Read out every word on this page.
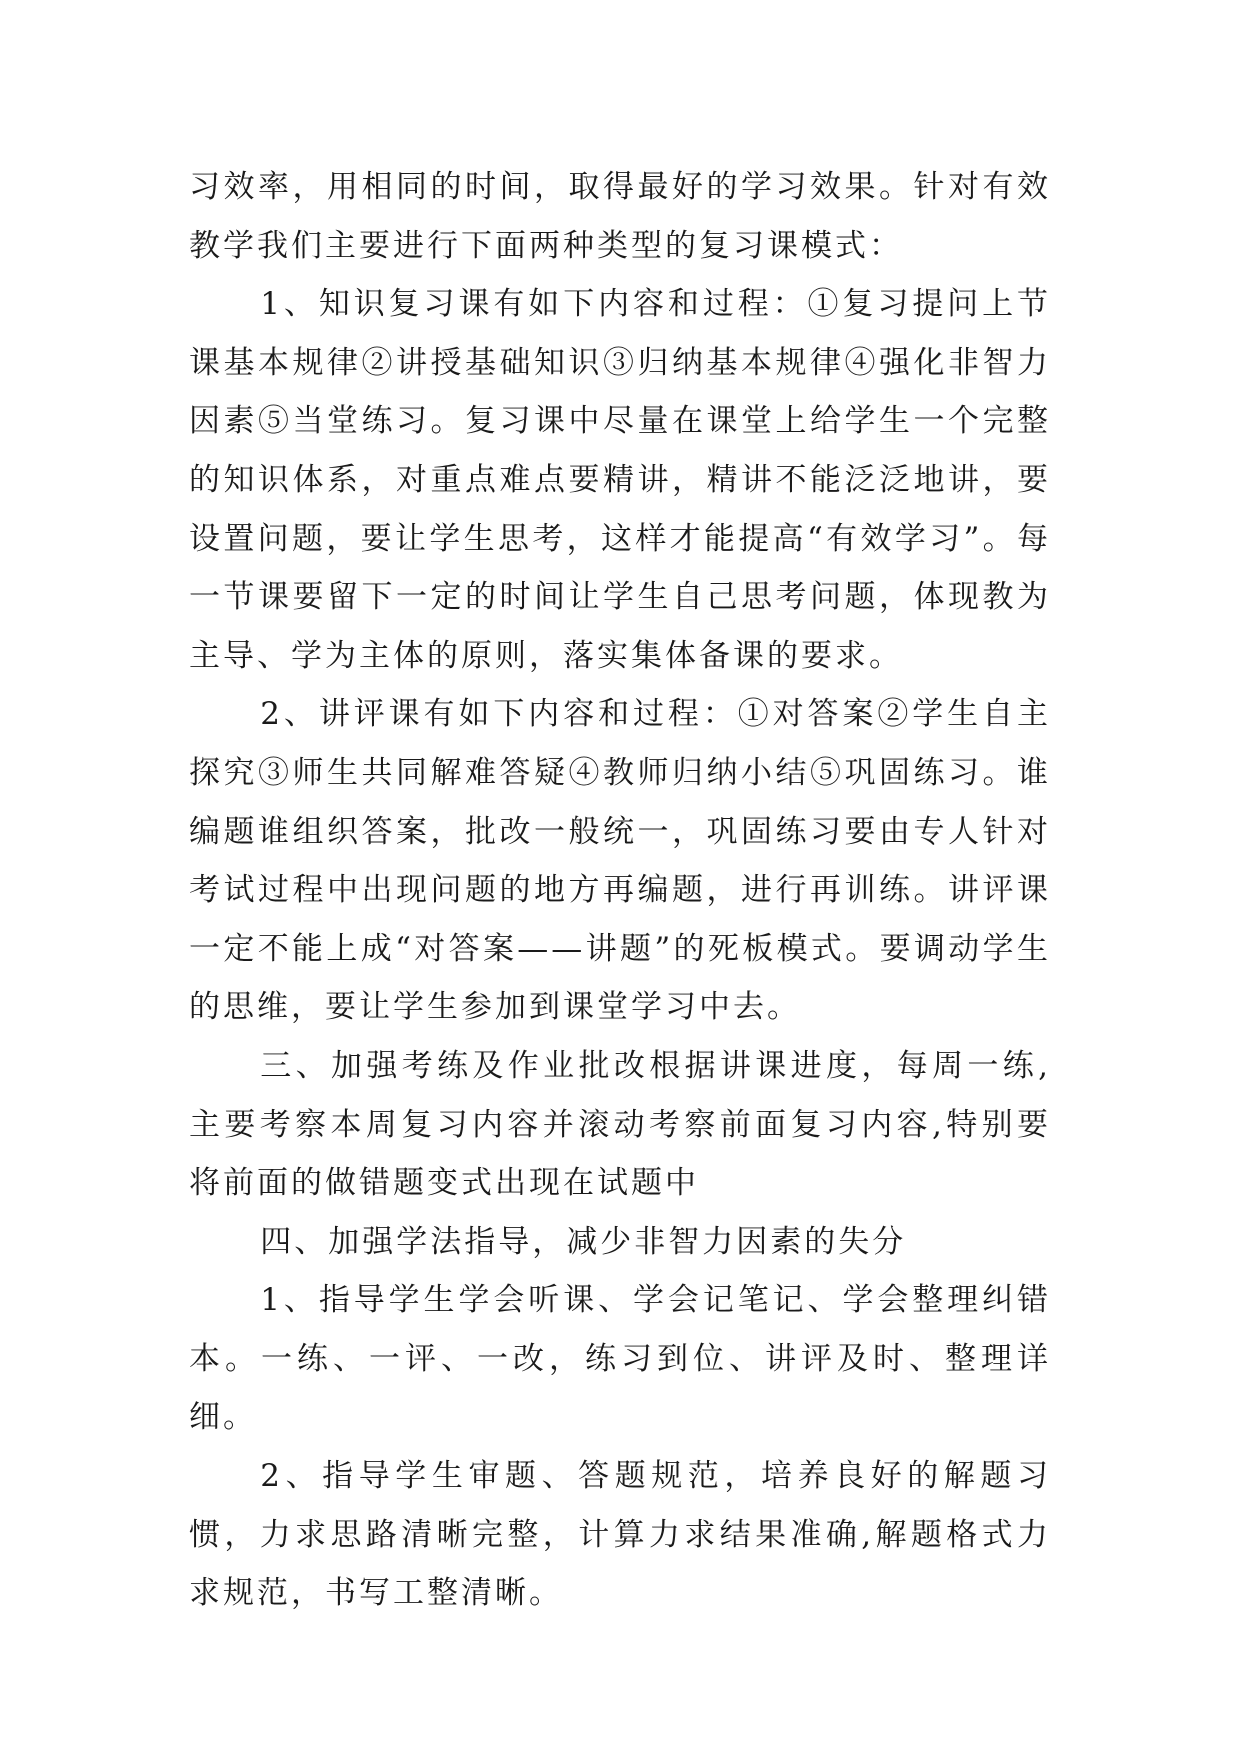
习效率，用相同的时间，取得最好的学习效果。针对有效教学我们主要进行下面两种类型的复习课模式：

1、知识复习课有如下内容和过程：①复习提问上节课基本规律②讲授基础知识③归纳基本规律④强化非智力因素⑤当堂练习。复习课中尽量在课堂上给学生一个完整的知识体系，对重点难点要精讲，精讲不能泛泛地讲，要设置问题，要让学生思考，这样才能提高“有效学习”。每一节课要留下一定的时间让学生自己思考问题，体现教为主导、学为主体的原则，落实集体备课的要求。

2、讲评课有如下内容和过程：①对答案②学生自主探究③师生共同解难答疑④教师归纳小结⑤巩固练习。谁编题谁组织答案，批改一般统一，巩固练习要由专人针对考试过程中出现问题的地方再编题，进行再训练。讲评课一定不能上成“对答案——讲题”的死板模式。要调动学生的思维，要让学生参加到课堂学习中去。

三、加强考练及作业批改根据讲课进度，每周一练,主要考察本周复习内容并滚动考察前面复习内容,特别要将前面的做错题变式出现在试题中

四、加强学法指导，减少非智力因素的失分

1、指导学生学会听课、学会记笔记、学会整理纠错本。一练、一评、一改，练习到位、讲评及时、整理详细。

2、指导学生审题、答题规范，培养良好的解题习惯，力求思路清晰完整，计算力求结果准确,解题格式力求规范，书写工整清晰。
